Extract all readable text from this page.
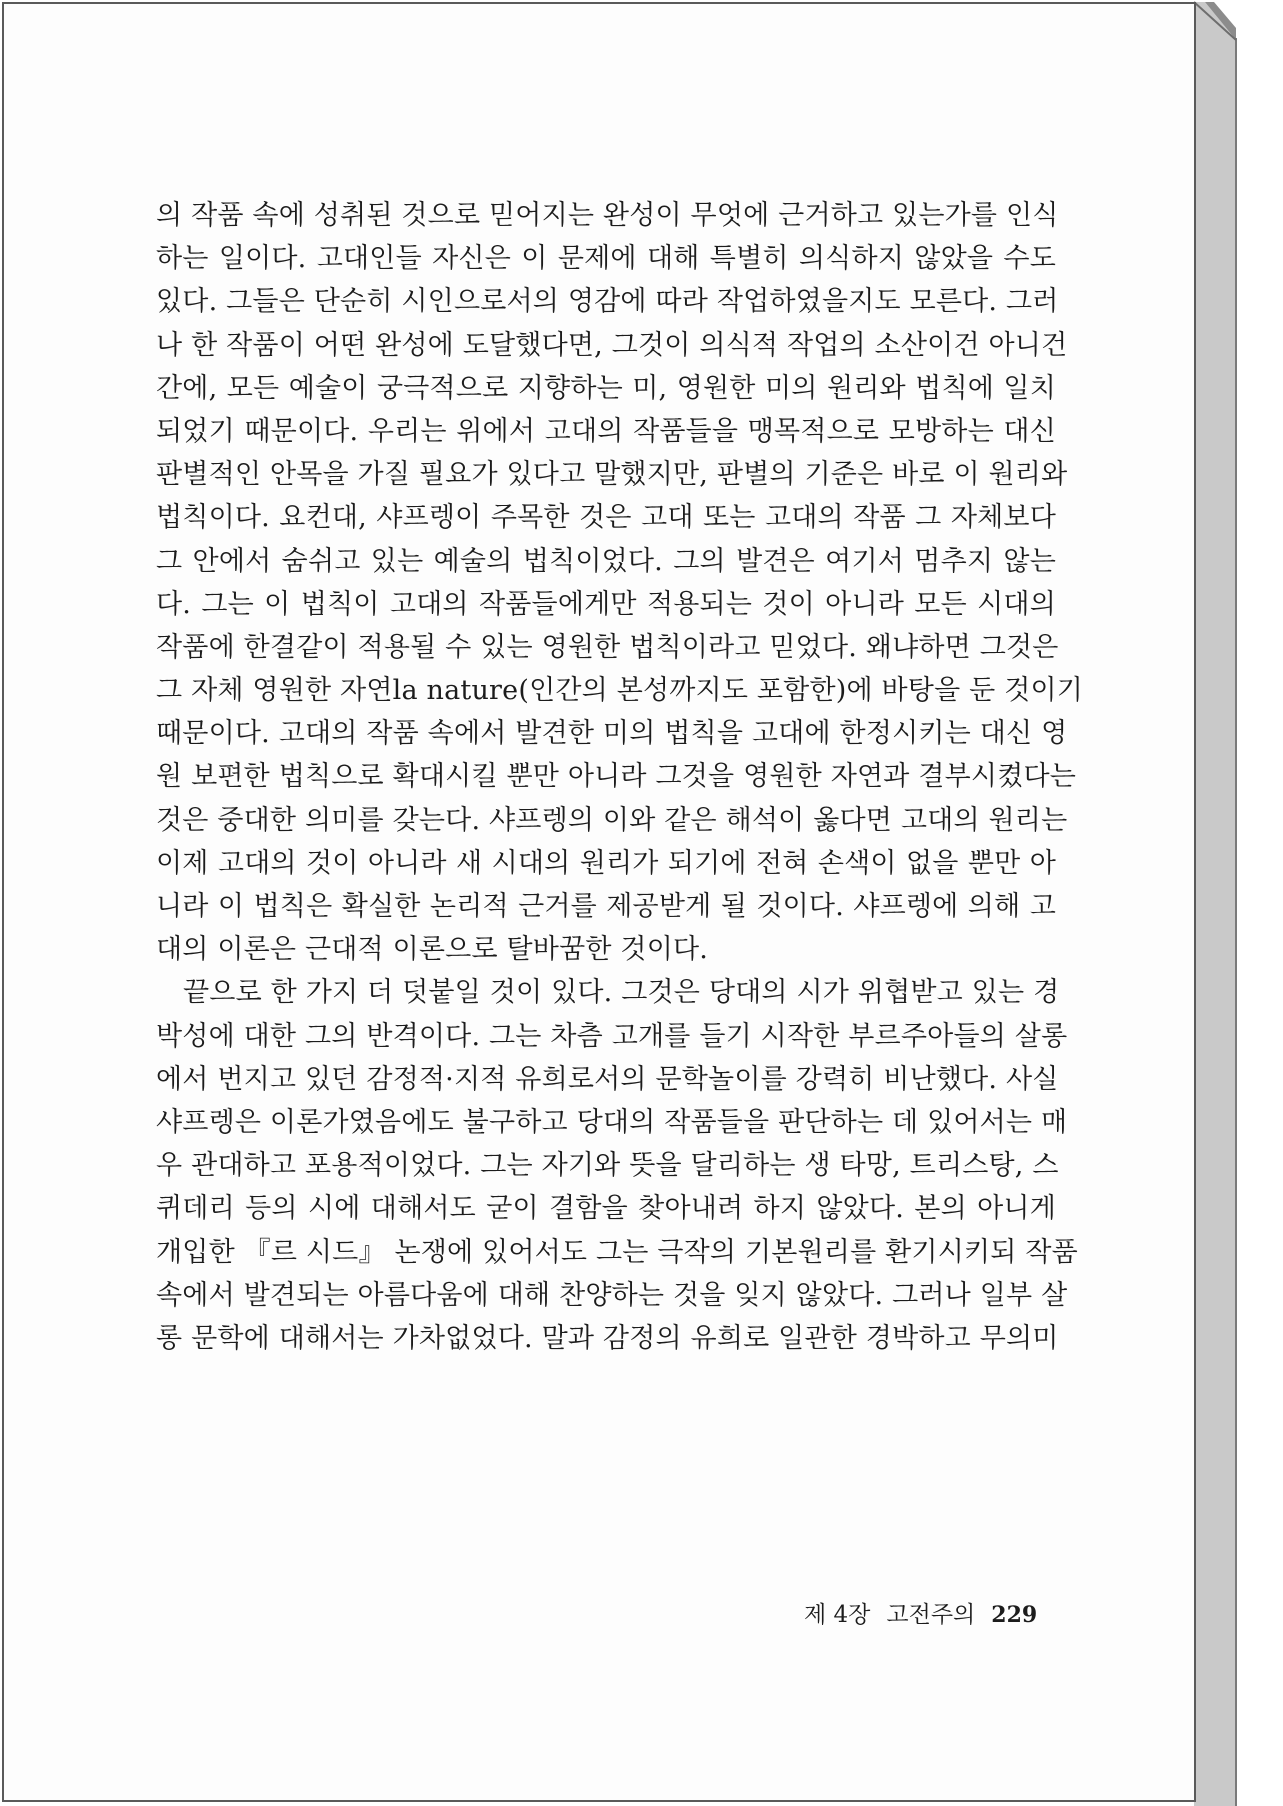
의 작품 속에 성취된 것으로 믿어지는 완성이 무엇에 근거하고 있는가를 인식
하는 일이다. 고대인들 자신은 이 문제에 대해 특별히 의식하지 않았을 수도
있다. 그들은 단순히 시인으로서의 영감에 따라 작업하였을지도 모른다. 그러
나 한 작품이 어떤 완성에 도달했다면, 그것이 의식적 작업의 소산이건 아니건
간에, 모든 예술이 궁극적으로 지향하는 미, 영원한 미의 원리와 법칙에 일치
되었기 때문이다. 우리는 위에서 고대의 작품들을 맹목적으로 모방하는 대신
판별적인 안목을 가질 필요가 있다고 말했지만, 판별의 기준은 바로 이 원리와
법칙이다. 요컨대, 샤프렝이 주목한 것은 고대 또는 고대의 작품 그 자체보다
그 안에서 숨쉬고 있는 예술의 법칙이었다. 그의 발견은 여기서 멈추지 않는
다. 그는 이 법칙이 고대의 작품들에게만 적용되는 것이 아니라 모든 시대의
작품에 한결같이 적용될 수 있는 영원한 법칙이라고 믿었다. 왜냐하면 그것은
그 자체 영원한 자연la nature(인간의 본성까지도 포함한)에 바탕을 둔 것이기
때문이다. 고대의 작품 속에서 발견한 미의 법칙을 고대에 한정시키는 대신 영
원 보편한 법칙으로 확대시킬 뿐만 아니라 그것을 영원한 자연과 결부시켰다는
것은 중대한 의미를 갖는다. 샤프렝의 이와 같은 해석이 옳다면 고대의 원리는
이제 고대의 것이 아니라 새 시대의 원리가 되기에 전혀 손색이 없을 뿐만 아
니라 이 법칙은 확실한 논리적 근거를 제공받게 될 것이다. 샤프렝에 의해 고
대의 이론은 근대적 이론으로 탈바꿈한 것이다.
끝으로 한 가지 더 덧붙일 것이 있다. 그것은 당대의 시가 위협받고 있는 경
박성에 대한 그의 반격이다. 그는 차츰 고개를 들기 시작한 부르주아들의 살롱
에서 번지고 있던 감정적·지적 유희로서의 문학놀이를 강력히 비난했다. 사실
샤프렝은 이론가였음에도 불구하고 당대의 작품들을 판단하는 데 있어서는 매
우 관대하고 포용적이었다. 그는 자기와 뜻을 달리하는 생 타망, 트리스탕, 스
퀴데리 등의 시에 대해서도 굳이 결함을 찾아내려 하지 않았다. 본의 아니게
개입한 『르 시드』 논쟁에 있어서도 그는 극작의 기본원리를 환기시키되 작품
속에서 발견되는 아름다움에 대해 찬양하는 것을 잊지 않았다. 그러나 일부 살
롱 문학에 대해서는 가차없었다. 말과 감정의 유희로 일관한 경박하고 무의미
제 4장 고전주의 229
